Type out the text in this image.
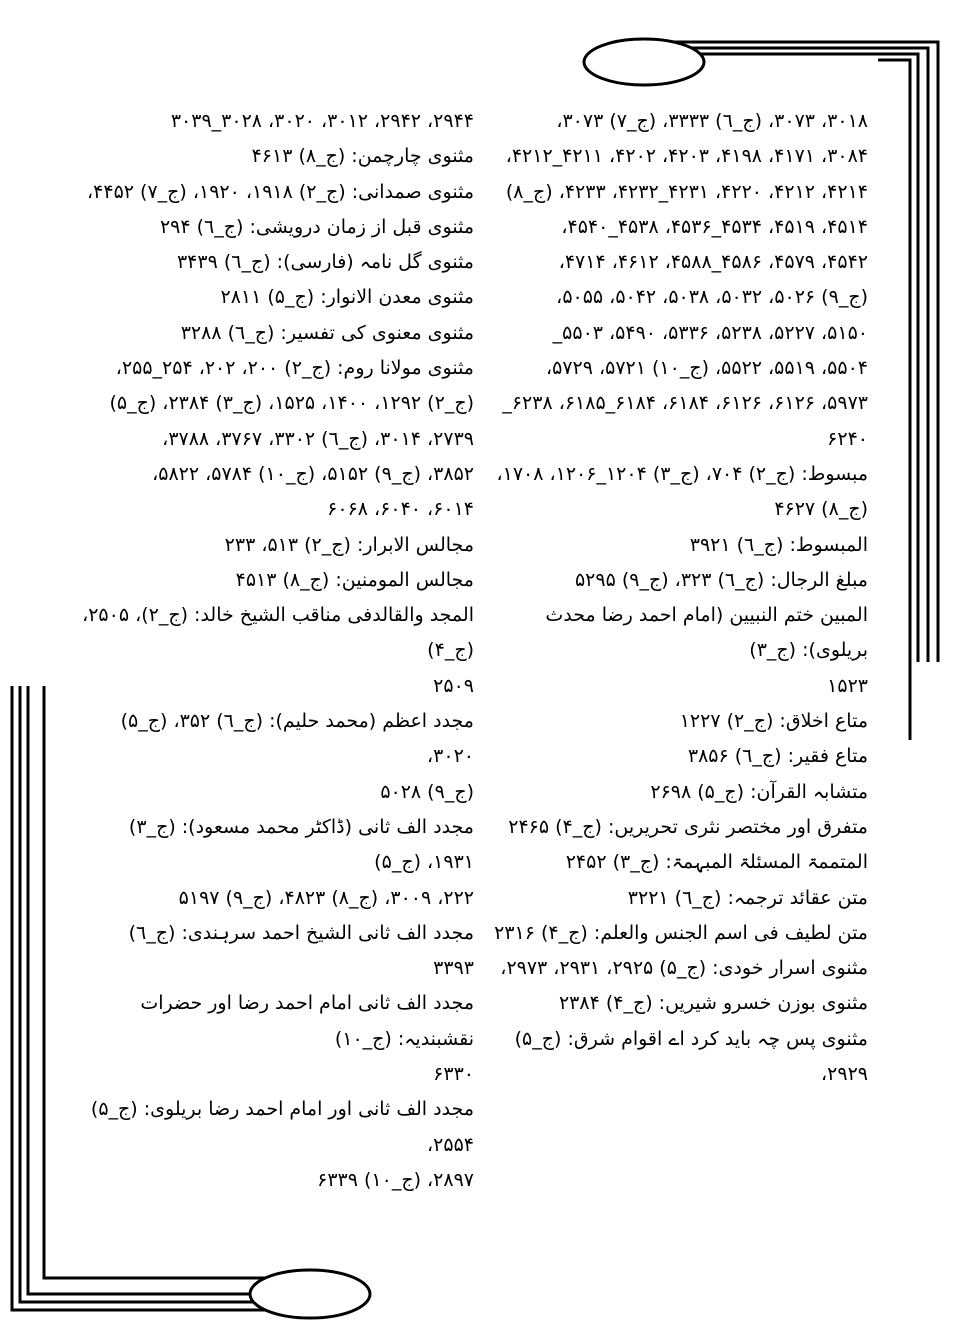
۳۰۱۸، ۳۰۷۳، (ج_٦) ۳۳۳۳، (ج_۷) ۳۰۷۳،
۳۰۸۴، ۴۱۷۱، ۴۱۹۸، ۴۲۰۳، ۴۲۰۲، ۴۲۱۱_۴۲۱۲،
۴۲۱۴، ۴۲۱۲، ۴۲۲۰، ۴۲۳۱_۴۲۳۲، ۴۲۳۳، (ج_۸)
۴۵۱۴، ۴۵۱۹، ۴۵۳۴_۴۵۳۶، ۴۵۳۸_۴۵۴۰،
۴۵۴۲، ۴۵۷۹، ۴۵۸۶_۴۵۸۸، ۴۶۱۲، ۴۷۱۴،
(ج_۹) ۵۰۲۶، ۵۰۳۲، ۵۰۳۸، ۵۰۴۲، ۵۰۵۵،
۵۱۵۰، ۵۲۲۷، ۵۲۳۸، ۵۳۳۶، ۵۴۹۰، ۵۵۰۳_
۵۵۰۴، ۵۵۱۹، ۵۵۲۲، (ج_۱۰) ۵۷۲۱، ۵۷۲۹،
۵۹۷۳، ۶۱۲۶، ۶۱۲۶، ۶۱۸۴، ۶۱۸۴_۶۱۸۵، ۶۲۳۸_
۶۲۴۰
مبسوط: (ج_۲) ۷۰۴، (ج_۳) ۱۲۰۴_۱۲۰۶، ۱۷۰۸،
(ج_۸) ۴۶۲۷
المبسوط: (ج_٦) ۳۹۲۱
مبلغ الرجال: (ج_٦) ۳۲۳، (ج_۹) ۵۲۹۵
المبین ختم النبیین (امام احمد رضا محدث بریلوی): (ج_۳)
۱۵۲۳
متاع اخلاق: (ج_۲) ۱۲۲۷
متاع فقیر: (ج_٦) ۳۸۵۶
متشابہ القرآن: (ج_۵) ۲۶۹۸
متفرق اور مختصر نثری تحریریں: (ج_۴) ۲۴۶۵
المتممۃ المسئلۃ المبہمۃ: (ج_۳) ۲۴۵۲
متن عقائد ترجمہ: (ج_٦) ۳۲۲۱
متن لطیف فی اسم الجنس والعلم: (ج_۴) ۲۳۱۶
مثنوی اسرار خودی: (ج_۵) ۲۹۲۵، ۲۹۳۱، ۲۹۷۳،
مثنوی بوزن خسرو شیریں: (ج_۴) ۲۳۸۴
مثنوی پس چہ باید کرد اے اقوام شرق: (ج_۵) ۲۹۲۹،
۲۹۴۴، ۲۹۴۲، ۳۰۱۲، ۳۰۲۰، ۳۰۲۸_۳۰۳۹
مثنوی چارچمن: (ج_۸) ۴۶۱۳
مثنوی صمدانی: (ج_۲) ۱۹۱۸، ۱۹۲۰، (ج_۷) ۴۴۵۲،
مثنوی قبل از زمان درویشی: (ج_٦) ۲۹۴
مثنوی گل نامہ (فارسی): (ج_٦) ۳۴۳۹
مثنوی معدن الانوار: (ج_۵) ۲۸۱۱
مثنوی معنوی کی تفسیر: (ج_٦) ۳۲۸۸
مثنوی مولانا روم: (ج_۲) ۲۰۰، ۲۰۲، ۲۵۴_۲۵۵،
(ج_۲) ۱۲۹۲، ۱۴۰۰، ۱۵۲۵، (ج_۳) ۲۳۸۴، (ج_۵)
۲۷۳۹، ۳۰۱۴، (ج_٦) ۳۳۰۲، ۳۷۶۷، ۳۷۸۸،
۳۸۵۲، (ج_۹) ۵۱۵۲، (ج_۱۰) ۵۷۸۴، ۵۸۲۲،
۶۰۱۴، ۶۰۴۰، ۶۰۶۸
مجالس الابرار: (ج_۲) ۵۱۳، ۲۳۳
مجالس المومنین: (ج_۸) ۴۵۱۳
المجد والقالدفی مناقب الشیخ خالد: (ج_۲)، ۲۵۰۵، (ج_۴)
۲۵۰۹
مجدد اعظم (محمد حلیم): (ج_٦) ۳۵۲، (ج_۵) ۳۰۲۰،
(ج_۹) ۵۰۲۸
مجدد الف ثانی (ڈاکٹر محمد مسعود): (ج_۳) ۱۹۳۱، (ج_۵)
۲۲۲، ۳۰۰۹، (ج_۸) ۴۸۲۳، (ج_۹) ۵۱۹۷
مجدد الف ثانی الشیخ احمد سرہندی: (ج_٦) ۳۳۹۳
مجدد الف ثانی امام احمد رضا اور حضرات نقشبندیہ: (ج_۱۰)
۶۳۳۰
مجدد الف ثانی اور امام احمد رضا بریلوی: (ج_۵) ۲۵۵۴،
۲۸۹۷، (ج_۱۰) ۶۳۳۹
